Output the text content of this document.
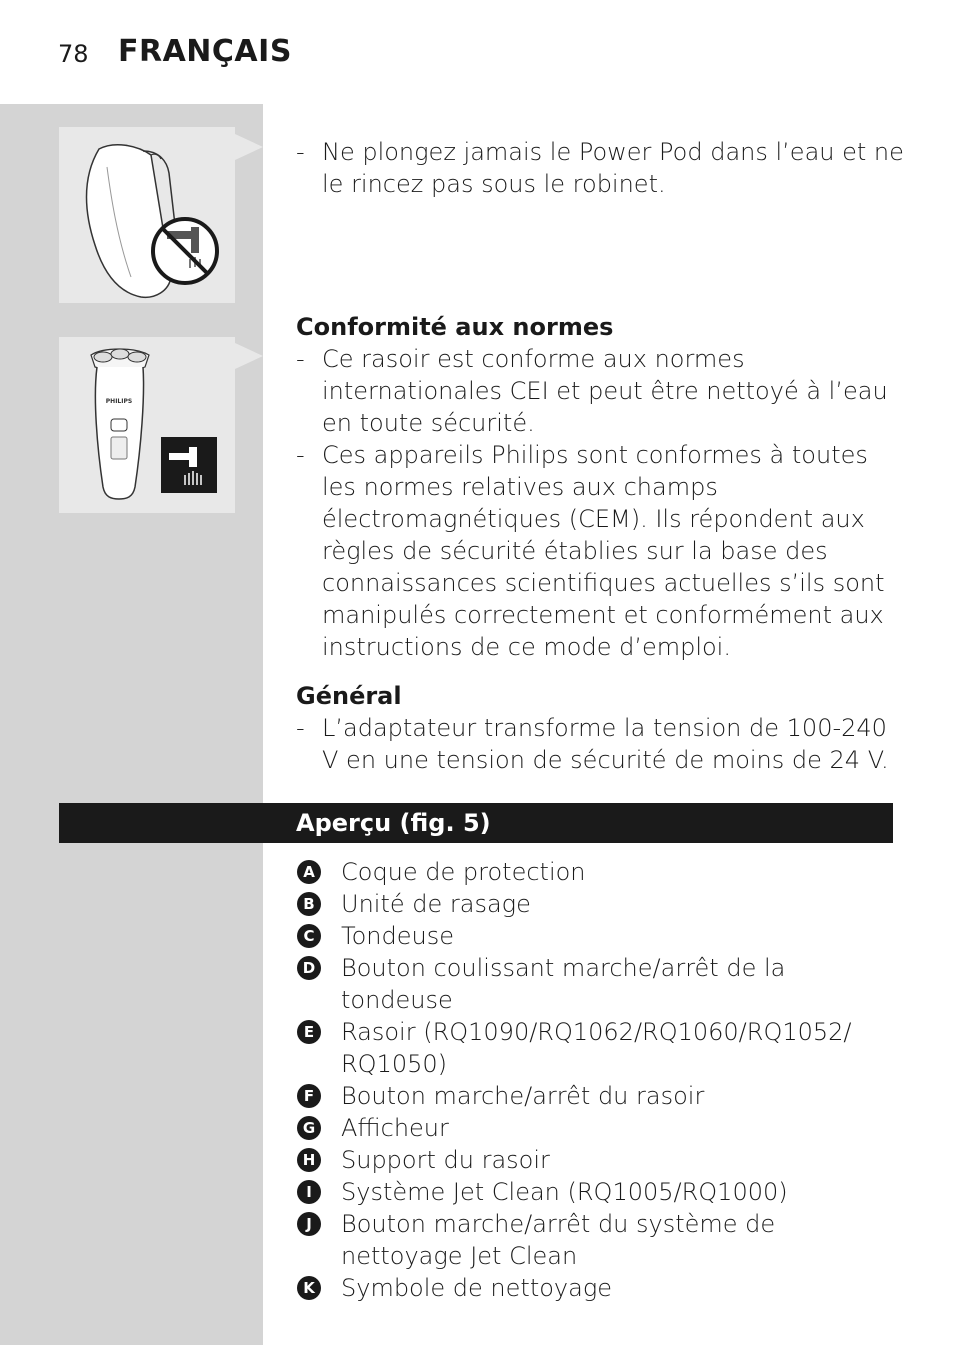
78 FRANÇAIS
PHILIPS
- Ne plongez jamais le Power Pod dans l’eau et ne le rincez pas sous le robinet.
Conformité aux normes
- Ce rasoir est conforme aux normes internationales CEI et peut être nettoyé à l’eau en toute sécurité.
- Ces appareils Philips sont conformes à toutes les normes relatives aux champs électromagnétiques (CEM). Ils répondent aux règles de sécurité établies sur la base des connaissances scientifiques actuelles s’ils sont manipulés correctement et conformément aux instructions de ce mode d’emploi.
Général
- L’adaptateur transforme la tension de 100-240 V en une tension de sécurité de moins de 24 V.
Aperçu (fig. 5)
A Coque de protection
B Unité de rasage
C Tondeuse
D Bouton coulissant marche/arrêt de la tondeuse
E Rasoir (RQ1090/RQ1062/RQ1060/RQ1052/ RQ1050)
F Bouton marche/arrêt du rasoir
G Afficheur
H Support du rasoir
I	Système Jet Clean (RQ1005/RQ1000)
J	Bouton marche/arrêt du système de nettoyage Jet Clean
K Symbole de nettoyage
